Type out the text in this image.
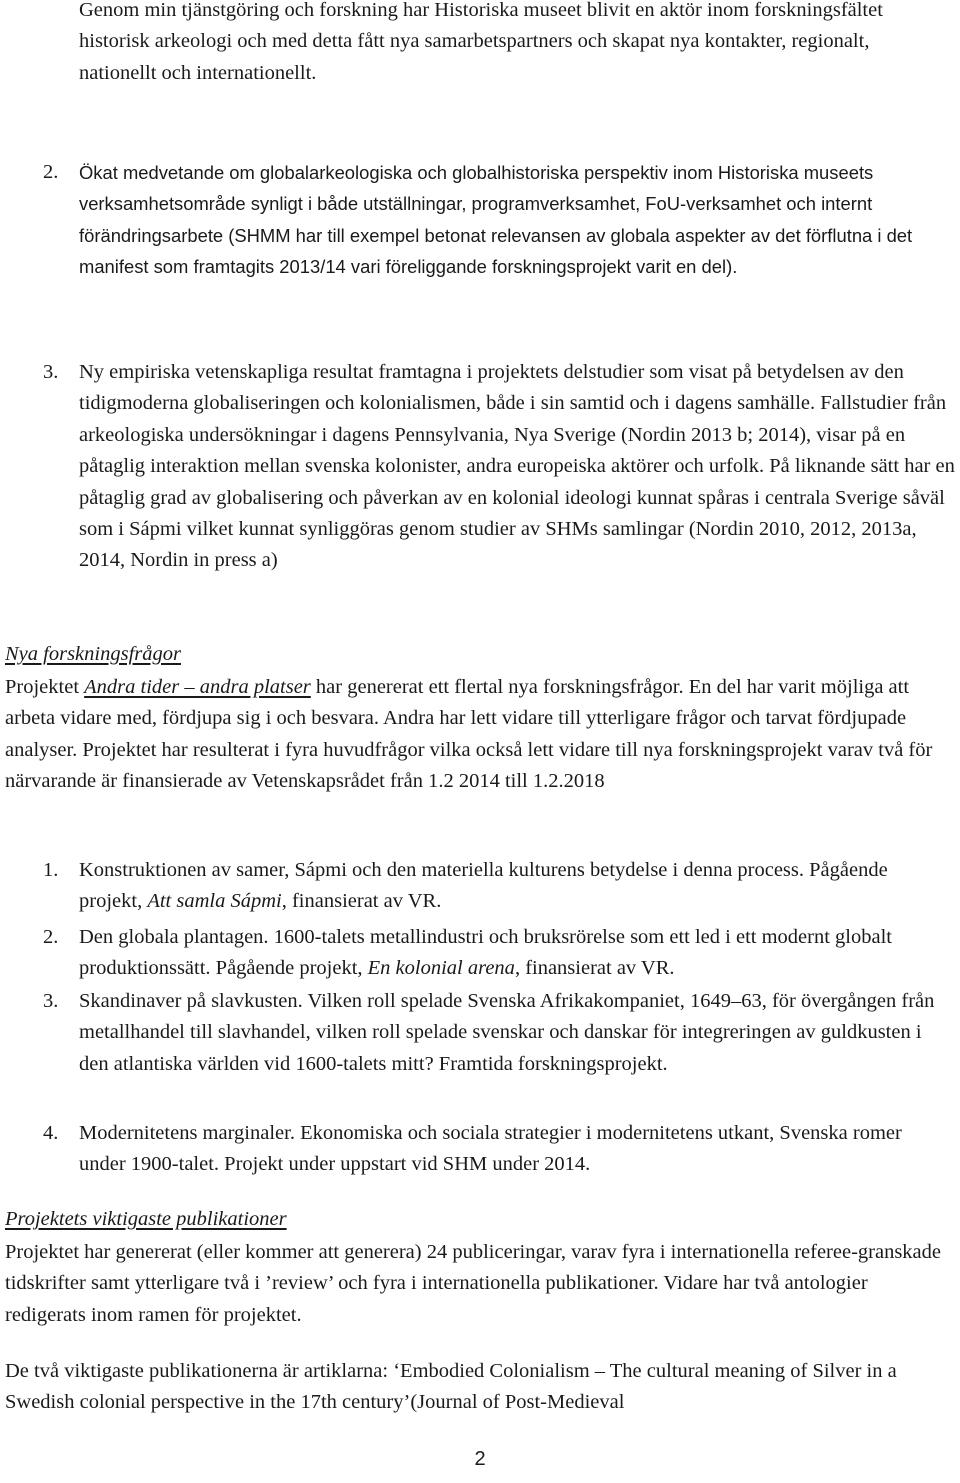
Genom min tjänstgöring och forskning har Historiska museet blivit en aktör inom forskningsfältet historisk arkeologi och med detta fått nya samarbetspartners och skapat nya kontakter, regionalt, nationellt och internationellt.

2. Ökat medvetande om globalarkeologiska och globalhistoriska perspektiv inom Historiska museets verksamhetsområde synligt i både utställningar, programverksamhet, FoU-verksamhet och internt förändringsarbete (SHMM har till exempel betonat relevansen av globala aspekter av det förflutna i det manifest som framtagits 2013/14 vari föreliggande forskningsprojekt varit en del).

3. Ny empiriska vetenskapliga resultat framtagna i projektets delstudier som visat på betydelsen av den tidigmoderna globaliseringen och kolonialismen, både i sin samtid och i dagens samhälle. Fallstudier från arkeologiska undersökningar i dagens Pennsylvania, Nya Sverige (Nordin 2013 b; 2014), visar på en påtaglig interaktion mellan svenska kolonister, andra europeiska aktörer och urfolk. På liknande sätt har en påtaglig grad av globalisering och påverkan av en kolonial ideologi kunnat spåras i centrala Sverige såväl som i Sápmi vilket kunnat synliggöras genom studier av SHMs samlingar (Nordin 2010, 2012, 2013a, 2014, Nordin in press a)

Nya forskningsfrågor

Projektet Andra tider – andra platser har genererat ett flertal nya forskningsfrågor. En del har varit möjliga att arbeta vidare med, fördjupa sig i och besvara. Andra har lett vidare till ytterligare frågor och tarvat fördjupade analyser. Projektet har resulterat i fyra huvudfrågor vilka också lett vidare till nya forskningsprojekt varav två för närvarande är finansierade av Vetenskapsrådet från 1.2 2014 till 1.2.2018

1. Konstruktionen av samer, Sápmi och den materiella kulturens betydelse i denna process. Pågående projekt, Att samla Sápmi, finansierat av VR.

2. Den globala plantagen. 1600-talets metallindustri och bruksrörelse som ett led i ett modernt globalt produktionssätt. Pågående projekt, En kolonial arena, finansierat av VR.

3. Skandinaver på slavkusten. Vilken roll spelade Svenska Afrikakompaniet, 1649–63, för övergången från metallhandel till slavhandel, vilken roll spelade svenskar och danskar för integreringen av guldkusten i den atlantiska världen vid 1600-talets mitt? Framtida forskningsprojekt.

4. Modernitetens marginaler. Ekonomiska och sociala strategier i modernitetens utkant, Svenska romer under 1900-talet. Projekt under uppstart vid SHM under 2014.

Projektets viktigaste publikationer

Projektet har genererat (eller kommer att generera) 24 publiceringar, varav fyra i internationella referee-granskade tidskrifter samt ytterligare två i ’review’ och fyra i internationella publikationer. Vidare har två antologier redigerats inom ramen för projektet.

De två viktigaste publikationerna är artiklarna: ‘Embodied Colonialism – The cultural meaning of Silver in a Swedish colonial perspective in the 17th century’(Journal of Post-Medieval

2
